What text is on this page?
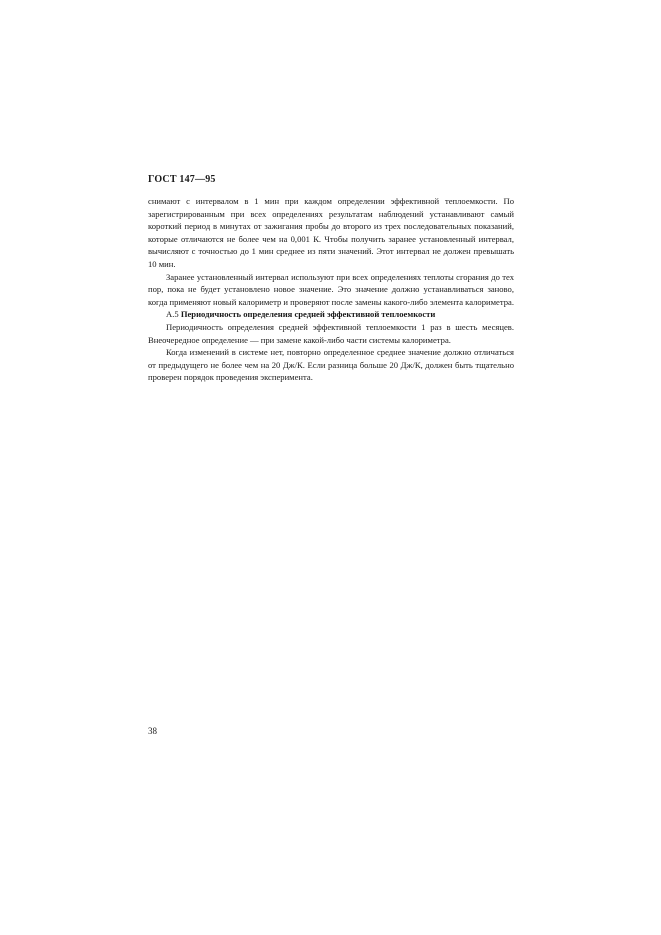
ГОСТ 147—95

снимают с интервалом в 1 мин при каждом определении эффективной теплоемкости. По зарегистрированным при всех определениях результатам наблюдений устанавливают самый короткий период в минутах от зажигания пробы до второго из трех последовательных показаний, которые отличаются не более чем на 0,001 К. Чтобы получить заранее установленный интервал, вычисляют с точностью до 1 мин среднее из пяти значений. Этот интервал не должен превышать 10 мин.

Заранее установленный интервал используют при всех определениях теплоты сгорания до тех пор, пока не будет установлено новое значение. Это значение должно устанавливаться заново, когда применяют новый калориметр и проверяют после замены какого-либо элемента калориметра.

А.5 Периодичность определения средней эффективной теплоемкости

Периодичность определения средней эффективной теплоемкости 1 раз в шесть месяцев. Внеочередное определение — при замене какой-либо части системы калориметра.

Когда изменений в системе нет, повторно определенное среднее значение должно отличаться от предыдущего не более чем на 20 Дж/К. Если разница больше 20 Дж/К, должен быть тщательно проверен порядок проведения эксперимента.

38
